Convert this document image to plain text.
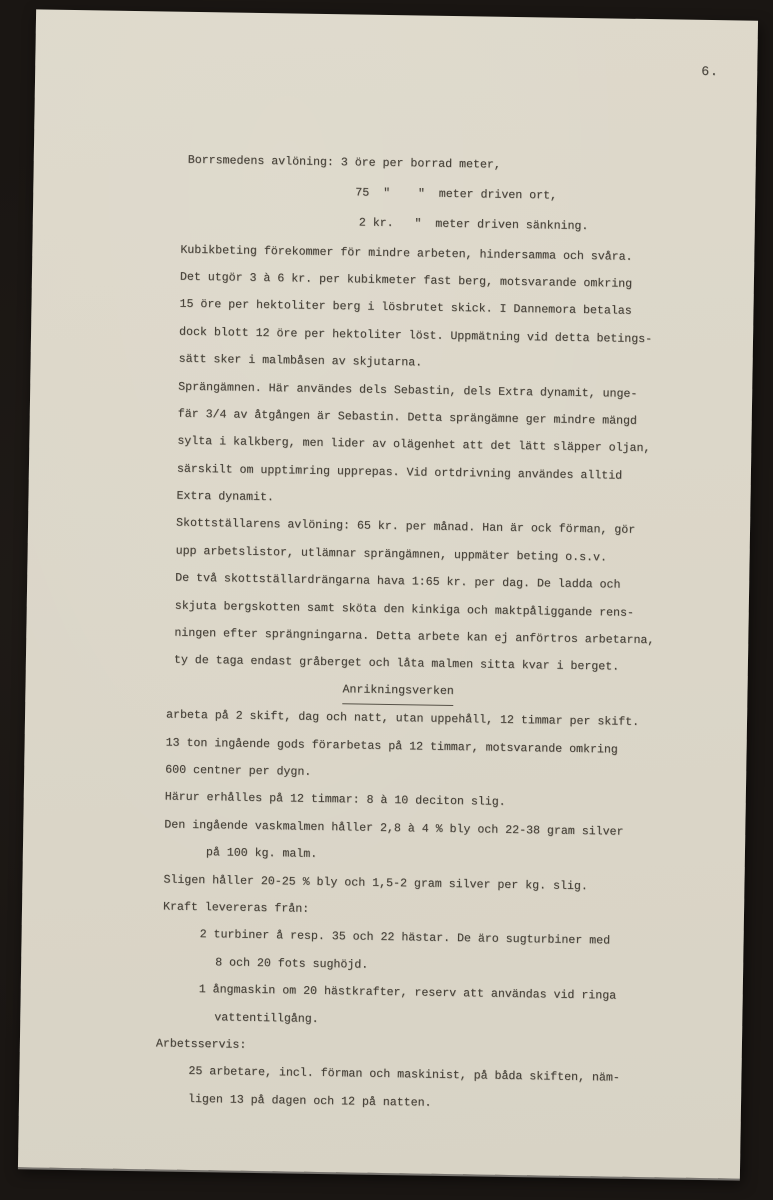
6.
Borrsmedens avlöning: 3 öre per borrad meter,
75  "    "  meter driven ort,
2 kr.   "  meter driven sänkning.
Kubikbeting förekommer för mindre arbeten, hindersamma och svåra.
Det utgör 3 à 6 kr. per kubikmeter fast berg, motsvarande omkring
15 öre per hektoliter berg i lösbrutet skick. I Dannemora betalas
dock blott 12 öre per hektoliter löst. Uppmätning vid detta betings-
sätt sker i malmbåsen av skjutarna.
Sprängämnen. Här användes dels Sebastin, dels Extra dynamit, unge-
fär 3/4 av åtgången är Sebastin. Detta sprängämne ger mindre mängd
sylta i kalkberg, men lider av olägenhet att det lätt släpper oljan,
särskilt om upptimring upprepas. Vid ortdrivning användes alltid
Extra dynamit.
Skottställarens avlöning: 65 kr. per månad. Han är ock förman, gör
upp arbetslistor, utlämnar sprängämnen, uppmäter beting o.s.v.
De två skottställardrängarna hava 1:65 kr. per dag. De ladda och
skjuta bergskotten samt sköta den kinkiga och maktpåliggande rens-
ningen efter sprängningarna. Detta arbete kan ej anförtros arbetarna,
ty de taga endast gråberget och låta malmen sitta kvar i berget.
Anrikningsverken
arbeta på 2 skift, dag och natt, utan uppehåll, 12 timmar per skift.
13 ton ingående gods förarbetas på 12 timmar, motsvarande omkring
600 centner per dygn.
Härur erhålles på 12 timmar: 8 à 10 deciton slig.
Den ingående vaskmalmen håller 2,8 à 4 % bly och 22-38 gram silver
på 100 kg. malm.
Sligen håller 20-25 % bly och 1,5-2 gram silver per kg. slig.
Kraft levereras från:
2 turbiner å resp. 35 och 22 hästar. De äro sugturbiner med
8 och 20 fots sughöjd.
1 ångmaskin om 20 hästkrafter, reserv att användas vid ringa
vattentillgång.
Arbetsservis:
25 arbetare, incl. förman och maskinist, på båda skiften, näm-
ligen 13 på dagen och 12 på natten.
